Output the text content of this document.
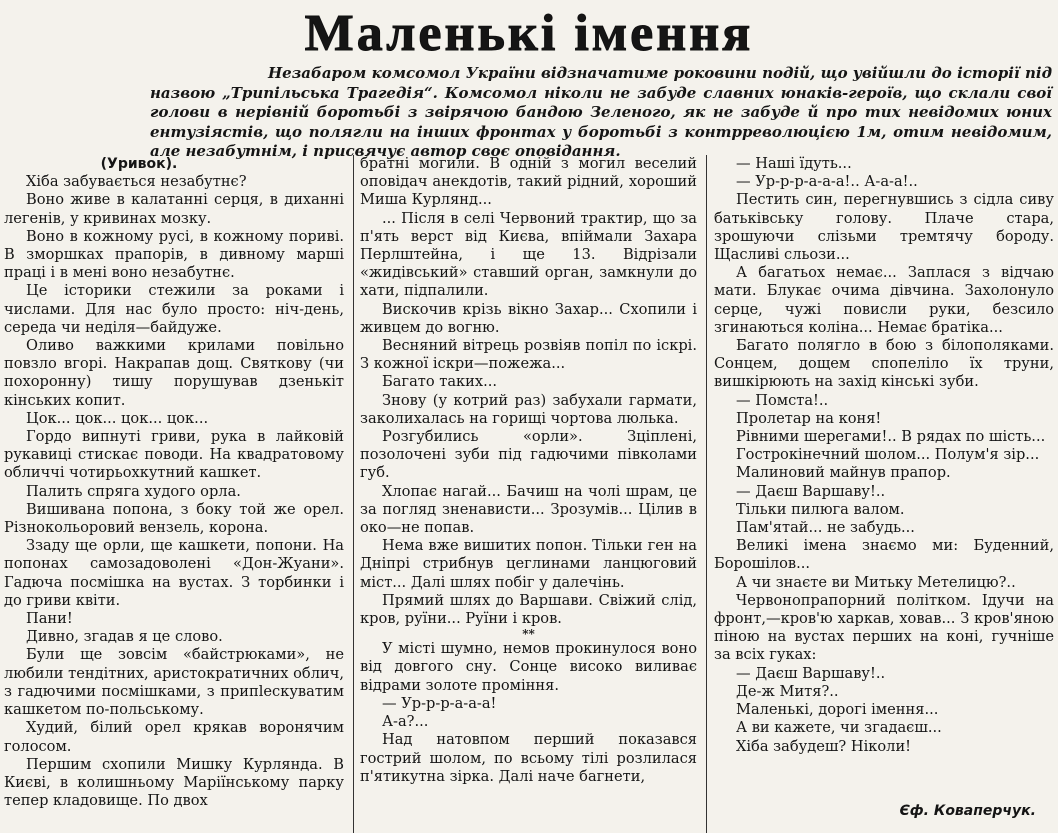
Маленькі імення

Незабаром комсомол України відзначатиме роковини подій, що увійшли до історії під назвою „Трипільська Трагедія“. Комсомол ніколи не забуде славних юнаків-героїв, що склали свої голови в нерівній боротьбі з звірячою бандою Зеленого, як не забуде й про тих невідомих юних ентузіястів, що полягли на інших фронтах у боротьбі з контрреволюцією 1м, отим невідомим, але незабутнім, і присвячує автор своє оповідання.

(Уривок).

Хіба забувається незабутнє?

Воно живе в калатанні серця, в диханні легенів, у кривинах мозку.

Воно в кожному русі, в кожному пориві. В зморшках прапорів, в дивному марші праці і в мені воно незабутнє.

Це історики стежили за роками і числами. Для нас було просто: ніч-день, середа чи неділя—байдуже.

Оливо важкими крилами повільно повзло вгорі. Накрапав дощ. Святкову (чи похоронну) тишу порушував дзенькіт кінських копит.

Цок... цок... цок... цок...

Гордо випнуті гриви, рука в лайковій рукавиці стискає поводи. На квадратовому обличчі чотирьохкутний кашкет.

Палить спряга худого орла.

Вишивана попона, з боку той же орел. Різнокольоровий вензель, корона.

Ззаду ще орли, ще кашкети, попони. На попонах самозадоволені «Дон-Жуани». Гадюча посмішка на вустах. З торбинки і до гриви квіти.

Пани!

Дивно, згадав я це слово.

Були ще зовсім «байстрюками», не любили тендітних, аристократичних облич, з гадючими посмішками, з припleскуватим кашкетом по-польському.

Худий, білий орел крякав воронячим голосом.

Першим схопили Мишку Курлянда. В Києві, в колишньому Маріїнському парку тепер кладовище. По двох

братні могили. В одній з могил веселий оповідач анекдотів, такий рідний, хороший Миша Курлянд...

... Після в селі Червоний трактир, що за п'ять верст від Києва, впіймали Захара Перлштейна, і ще 13. Відрізали «жидівський» ставший орган, замкнули до хати, підпалили.

Вискочив крізь вікно Захар... Схопили і живцем до вогню.

Весняний вітрець розвіяв попіл по іскрі. З кожної іскри—пожежа...

Багато таких...

Знову (у котрий раз) забухали гармати, заколихалась на горищі чортова люлька.

Розгубились «орли». Зціплені, позолочені зуби під гадючими півколами губ.

Хлопає нагай... Бачиш на чолі шрам, це за погляд зненависти... Зрозумів... Цілив в око—не попав.

Нема вже вишитих попон. Тільки ген на Дніпрі стрибнув цеглинами ланцюговий міст... Далі шлях побіг у далечінь.

Прямий шлях до Варшави. Свіжий слід, кров, руїни... Руїни і кров.

**

У місті шумно, немов прокинулося воно від довгого сну. Сонце високо виливає відрами золоте проміння.

— Ур-р-р-а-а-а!

А-а?...

Над натовпом перший показався гострий шолом, по всьому тілі розлилася п'ятикутна зірка. Далі наче багнети,

— Наші їдуть...

— Ур-р-р-а-а-а!.. А-а-а!..

Пестить син, перегнувшись з сідла сиву батьківську голову. Плаче стара, зрошуючи слізьми тремтячу бороду. Щасливі сльози...

А багатьох немає... Заплася з відчаю мати. Блукає очима дівчина. Захолонуло серце, чужі повисли руки, безсило згинаються коліна... Немає братіка...

Багато полягло в бою з білополяками. Сонцем, дощем спопеліло їх труни, вишкірюють на захід кінські зуби.

— Помста!..

Пролетар на коня!

Рівними шерегами!.. В рядах по шість...

Гострокінечний шолом... Полум'я зір...

Малиновий майнув прапор.

— Даєш Варшаву!..

Тільки пилюга валом.

Пам'ятай... не забудь...

Великі імена знаємо ми: Буденний, Борошілов...

А чи знаєте ви Митьку Метелицю?..

Червонопрапорний політком. Ідучи на фронт,—кров'ю харкав, ховав... З кров'яною піною на вустах перших на коні, гучніше за всіх гуках:

— Даєш Варшаву!..

Де-ж Митя?..

Маленькі, дорогі імення...

А ви кажете, чи згадаєш...

Хіба забудеш? Ніколи!

Єф. Коваперчук.
